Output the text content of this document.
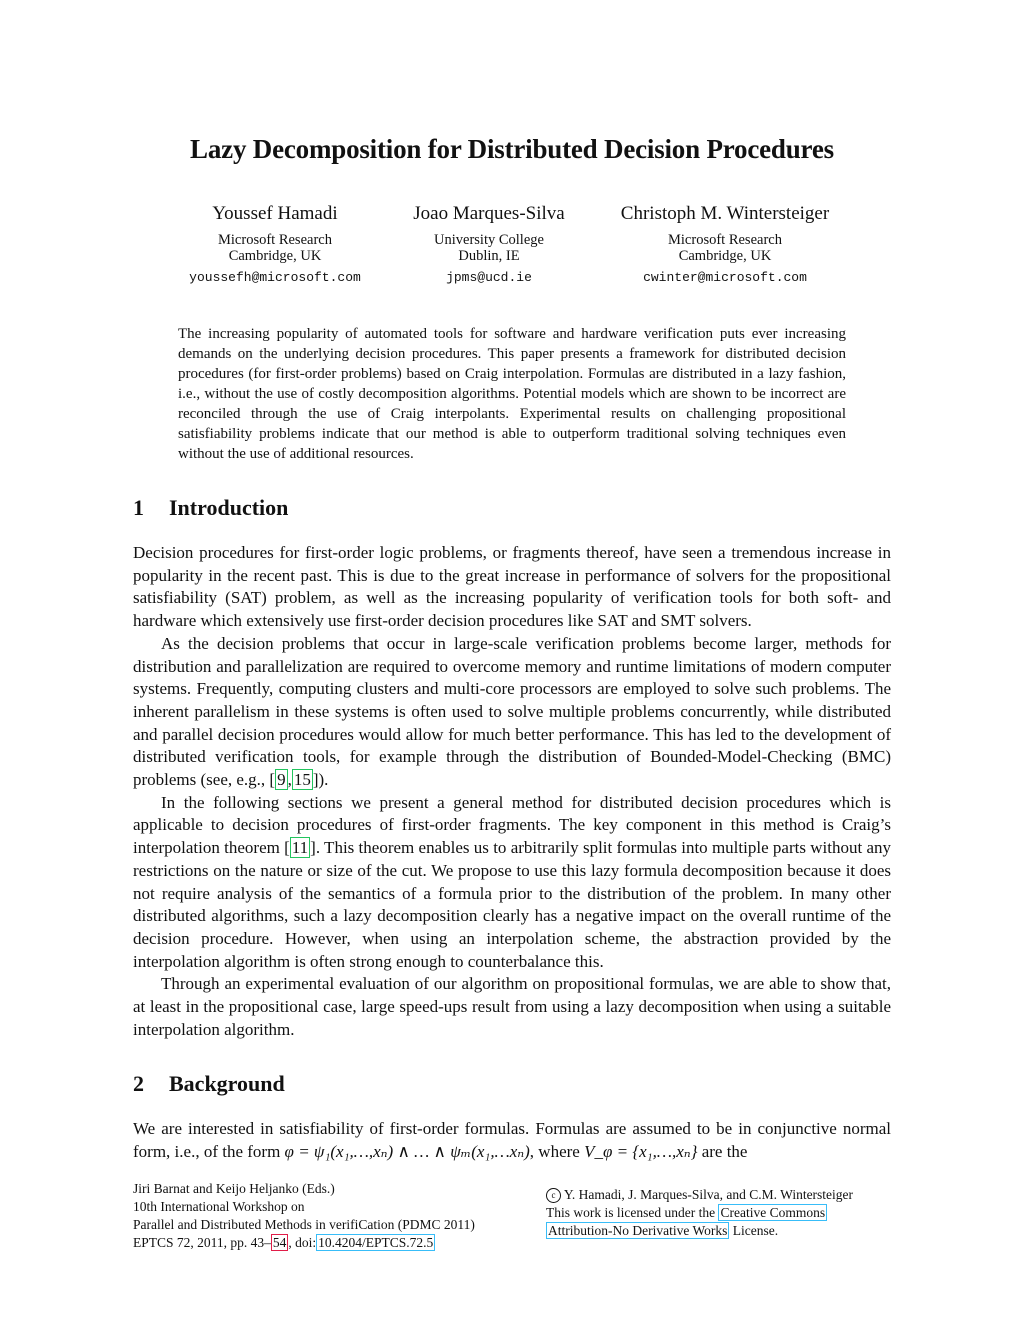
Lazy Decomposition for Distributed Decision Procedures
Youssef Hamadi
Microsoft Research
Cambridge, UK
youssefh@microsoft.com
Joao Marques-Silva
University College
Dublin, IE
jpms@ucd.ie
Christoph M. Wintersteiger
Microsoft Research
Cambridge, UK
cwinter@microsoft.com
The increasing popularity of automated tools for software and hardware verification puts ever increasing demands on the underlying decision procedures. This paper presents a framework for distributed decision procedures (for first-order problems) based on Craig interpolation. Formulas are distributed in a lazy fashion, i.e., without the use of costly decomposition algorithms. Potential models which are shown to be incorrect are reconciled through the use of Craig interpolants. Experimental results on challenging propositional satisfiability problems indicate that our method is able to outperform traditional solving techniques even without the use of additional resources.
1 Introduction

Decision procedures for first-order logic problems, or fragments thereof, have seen a tremendous increase in popularity in the recent past. This is due to the great increase in performance of solvers for the propositional satisfiability (SAT) problem, as well as the increasing popularity of verification tools for both soft- and hardware which extensively use first-order decision procedures like SAT and SMT solvers.

As the decision problems that occur in large-scale verification problems become larger, methods for distribution and parallelization are required to overcome memory and runtime limitations of modern computer systems. Frequently, computing clusters and multi-core processors are employed to solve such problems. The inherent parallelism in these systems is often used to solve multiple problems concurrently, while distributed and parallel decision procedures would allow for much better performance. This has led to the development of distributed verification tools, for example through the distribution of Bounded-Model-Checking (BMC) problems (see, e.g., [ 9 , 15 ]).

In the following sections we present a general method for distributed decision procedures which is applicable to decision procedures of first-order fragments. The key component in this method is Craig’s interpolation theorem [ 11 ]. This theorem enables us to arbitrarily split formulas into multiple parts without any restrictions on the nature or size of the cut. We propose to use this lazy formula decomposition because it does not require analysis of the semantics of a formula prior to the distribution of the problem. In many other distributed algorithms, such a lazy decomposition clearly has a negative impact on the overall runtime of the decision procedure. However, when using an interpolation scheme, the abstraction provided by the interpolation algorithm is often strong enough to counterbalance this.

Through an experimental evaluation of our algorithm on propositional formulas, we are able to show that, at least in the propositional case, large speed-ups result from using a lazy decomposition when using a suitable interpolation algorithm.

2 Background

We are interested in satisfiability of first-order formulas. Formulas are assumed to be in conjunctive normal form, i.e., of the form φ = ψ₁(x₁,…,xₙ) ∧ … ∧ ψₘ(x₁,…xₙ), where V_φ = {x₁,…,xₙ} are the

Jiri Barnat and Keijo Heljanko (Eds.)
10th International Workshop on
Parallel and Distributed Methods in verifiCation (PDMC 2011)
EPTCS 72, 2011, pp. 43– 54 , doi: 10.4204/EPTCS.72.5
c Y. Hamadi, J. Marques-Silva, and C.M. Wintersteiger
This work is licensed under the Creative Commons
Attribution-No Derivative Works License.
